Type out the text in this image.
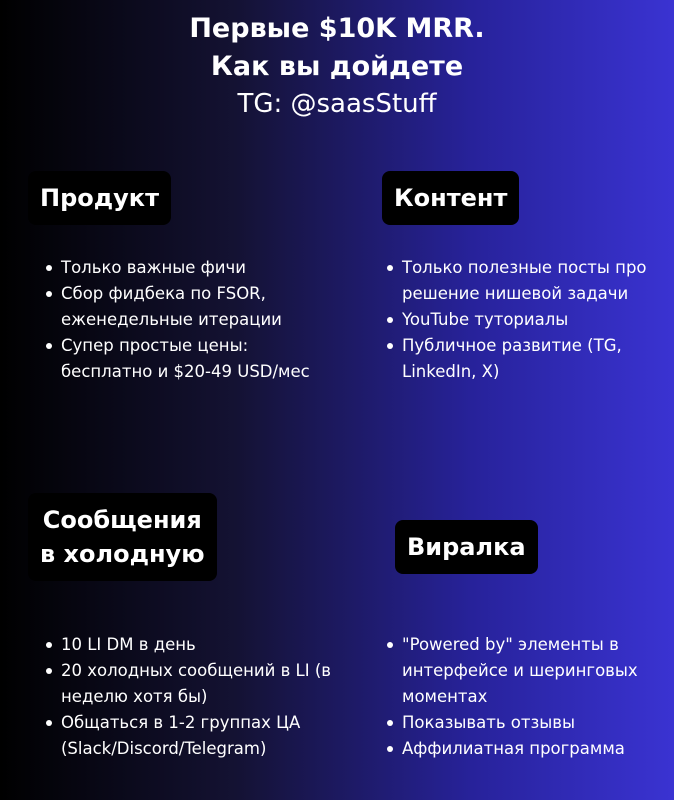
Первые $10K MRR.
Как вы дойдете
TG: @saasStuff
Продукт
Только важные фичи
Сбор фидбека по FSOR, еженедельные итерации
Супер простые цены: бесплатно и $20-49 USD/мес
Контент
Только полезные посты про решение нишевой задачи
YouTube туториалы
Публичное развитие (TG, LinkedIn, X)
Сообщения
в холодную
10 LI DM в день
20 холодных сообщений в LI (в неделю хотя бы)
Общаться в 1-2 группах ЦА (Slack/Discord/Telegram)
Виралка
"Powered by" элементы в интерфейсе и шеринговых моментах
Показывать отзывы
Аффилиатная программа
